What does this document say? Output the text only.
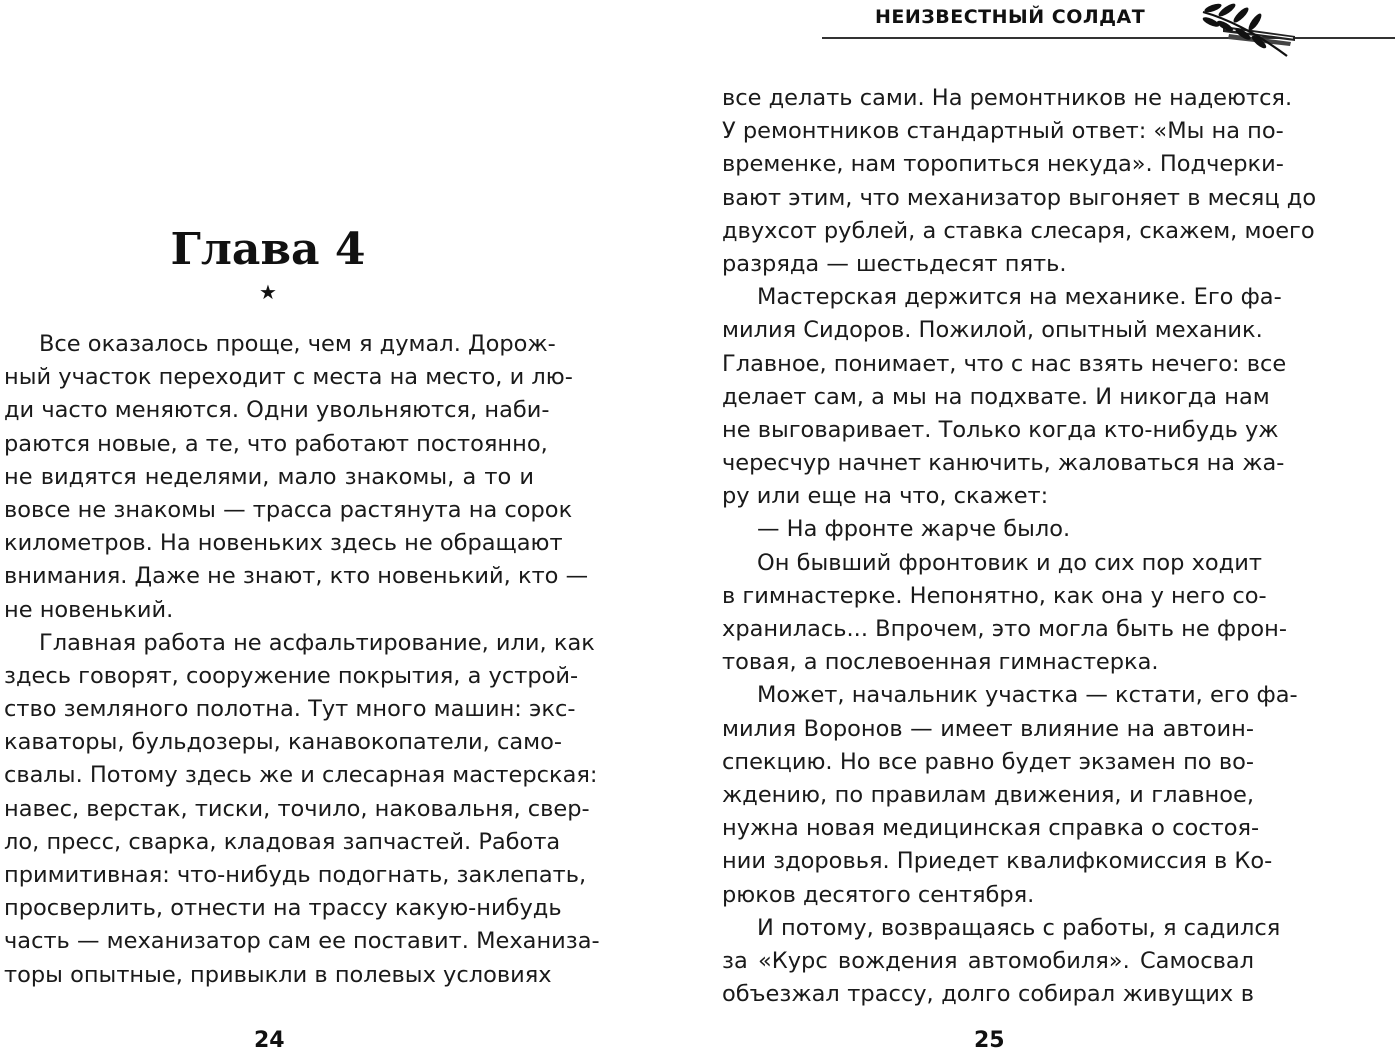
Глава 4
★
Все оказалось проще, чем я думал. Дорож-
ный участок переходит с места на место, и лю-
ди часто меняются. Одни увольняются, наби-
раются новые, а те, что работают постоянно,
не видятся неделями, мало знакомы, а то и
вовсе не знакомы — трасса растянута на сорок
километров. На новеньких здесь не обращают
внимания. Даже не знают, кто новенький, кто —
не новенький.
Главная работа не асфальтирование, или, как
здесь говорят, сооружение покрытия, а устрой-
ство земляного полотна. Тут много машин: экс-
каваторы, бульдозеры, канавокопатели, само-
свалы. Потому здесь же и слесарная мастерская:
навес, верстак, тиски, точило, наковальня, свер-
ло, пресс, сварка, кладовая запчастей. Работа
примитивная: что-нибудь подогнать, заклепать,
просверлить, отнести на трассу какую-нибудь
часть — механизатор сам ее поставит. Механиза-
торы опытные, привыкли в полевых условиях
24
НЕИЗВЕСТНЫЙ СОЛДАТ
все делать сами. На ремонтников не надеются.
У ремонтников стандартный ответ: «Мы на по-
временке, нам торопиться некуда». Подчерки-
вают этим, что механизатор выгоняет в месяц до
двухсот рублей, а ставка слесаря, скажем, моего
разряда — шестьдесят пять.
Мастерская держится на механике. Его фа-
милия Сидоров. Пожилой, опытный механик.
Главное, понимает, что с нас взять нечего: все
делает сам, а мы на подхвате. И никогда нам
не выговаривает. Только когда кто-нибудь уж
чересчур начнет канючить, жаловаться на жа-
ру или еще на что, скажет:
— На фронте жарче было.
Он бывший фронтовик и до сих пор ходит
в гимнастерке. Непонятно, как она у него со-
хранилась... Впрочем, это могла быть не фрон-
товая, а послевоенная гимнастерка.
Может, начальник участка — кстати, его фа-
милия Воронов — имеет влияние на автоин-
спекцию. Но все равно будет экзамен по во-
ждению, по правилам движения, и главное,
нужна новая медицинская справка о состоя-
нии здоровья. Приедет квалифкомиссия в Ко-
рюков десятого сентября.
И потому, возвращаясь с работы, я садился
за «Курс вождения автомобиля». Самосвал
объезжал трассу, долго собирал живущих в
25
